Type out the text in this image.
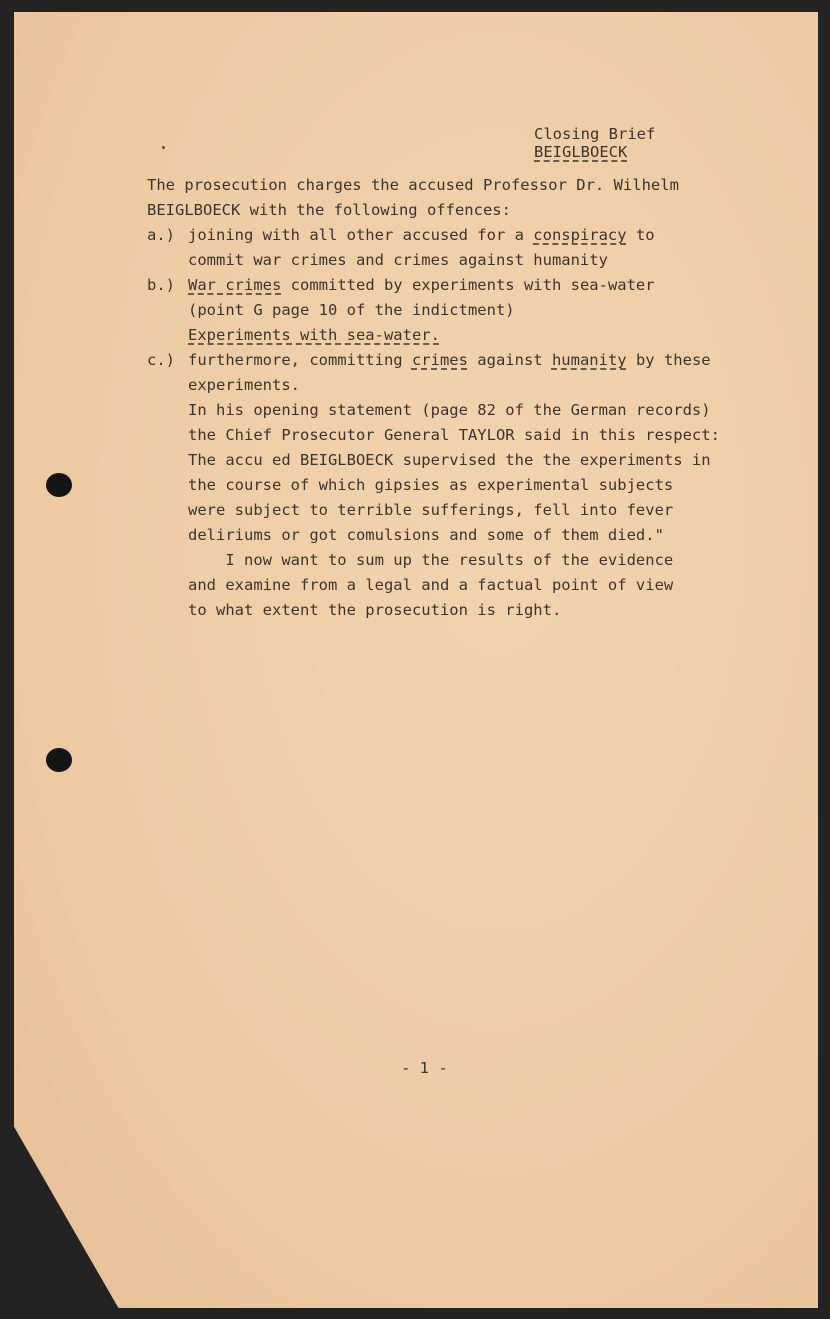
Closing Brief
BEIGLBOECK
The prosecution charges the accused Professor Dr. Wilhelm
BEIGLBOECK with the following offences:
a.) joining with all other accused for a conspiracy to
commit war crimes and crimes against humanity
b.) War crimes committed by experiments with sea-water
(point G page 10 of the indictment)
Experiments with sea-water.
c.) furthermore, committing crimes against humanity by these
experiments.
In his opening statement (page 82 of the German records)
the Chief Prosecutor General TAYLOR said in this respect:
The accu ed BEIGLBOECK supervised the the experiments in
the course of which gipsies as experimental subjects
were subject to terrible sufferings, fell into fever
deliriums or got comulsions and some of them died."
I now want to sum up the results of the evidence
and examine from a legal and a factual point of view
to what extent the prosecution is right.
- 1 -
